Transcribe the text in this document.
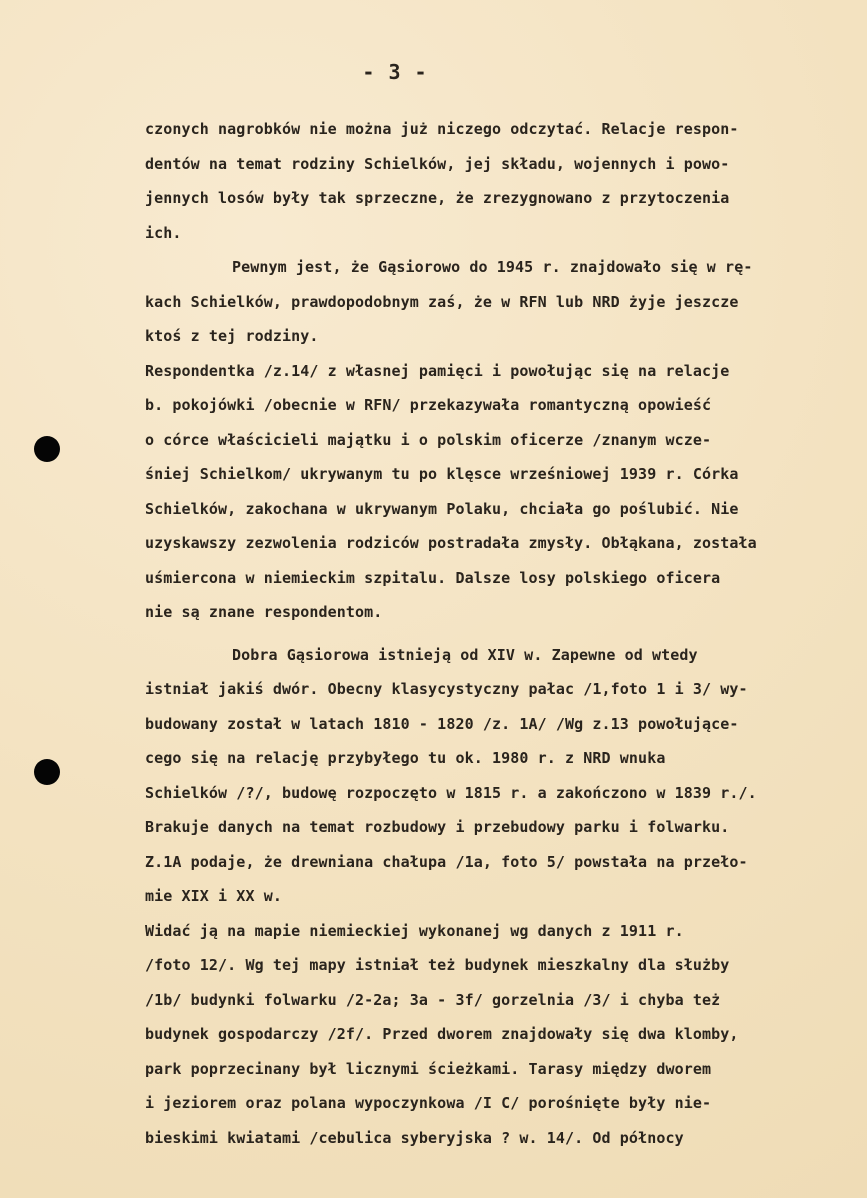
- 3 -
czonych nagrobków nie można już niczego odczytać. Relacje respon-
dentów na temat rodziny Schielków, jej składu, wojennych i powo-
jennych losów były tak sprzeczne, że zrezygnowano z przytoczenia
ich.
Pewnym jest, że Gąsiorowo do 1945 r. znajdowało się w rę-
kach Schielków, prawdopodobnym zaś, że w RFN lub NRD żyje jeszcze
ktoś z tej rodziny.
Respondentka /z.14/ z własnej pamięci i powołując się na relacje
b. pokojówki /obecnie w RFN/ przekazywała romantyczną opowieść
o córce właścicieli majątku i o polskim oficerze /znanym wcze-
śniej Schielkom/ ukrywanym tu po klęsce wrześniowej 1939 r. Córka
Schielków, zakochana w ukrywanym Polaku, chciała go poślubić. Nie
uzyskawszy zezwolenia rodziców postradała zmysły. Obłąkana, została
uśmiercona w niemieckim szpitalu. Dalsze losy polskiego oficera
nie są znane respondentom.
Dobra Gąsiorowa istnieją od XIV w. Zapewne od wtedy
istniał jakiś dwór. Obecny klasycystyczny pałac /1,foto 1 i 3/ wy-
budowany został w latach 1810 - 1820 /z. 1A/ /Wg z.13 powołujące-
cego się na relację przybyłego tu ok. 1980 r. z NRD wnuka
Schielków /?/, budowę rozpoczęto w 1815 r. a zakończono w 1839 r./.
Brakuje danych na temat rozbudowy i przebudowy parku i folwarku.
Z.1A podaje, że drewniana chałupa /1a, foto 5/ powstała na przeło-
mie XIX i XX w.
Widać ją na mapie niemieckiej wykonanej wg danych z 1911 r.
/foto 12/. Wg tej mapy istniał też budynek mieszkalny dla służby
/1b/ budynki folwarku /2-2a; 3a - 3f/ gorzelnia /3/ i chyba też
budynek gospodarczy /2f/. Przed dworem znajdowały się dwa klomby,
park poprzecinany był licznymi ścieżkami. Tarasy między dworem
i jeziorem oraz polana wypoczynkowa /I C/ porośnięte były nie-
bieskimi kwiatami /cebulica syberyjska ? w. 14/. Od północy
